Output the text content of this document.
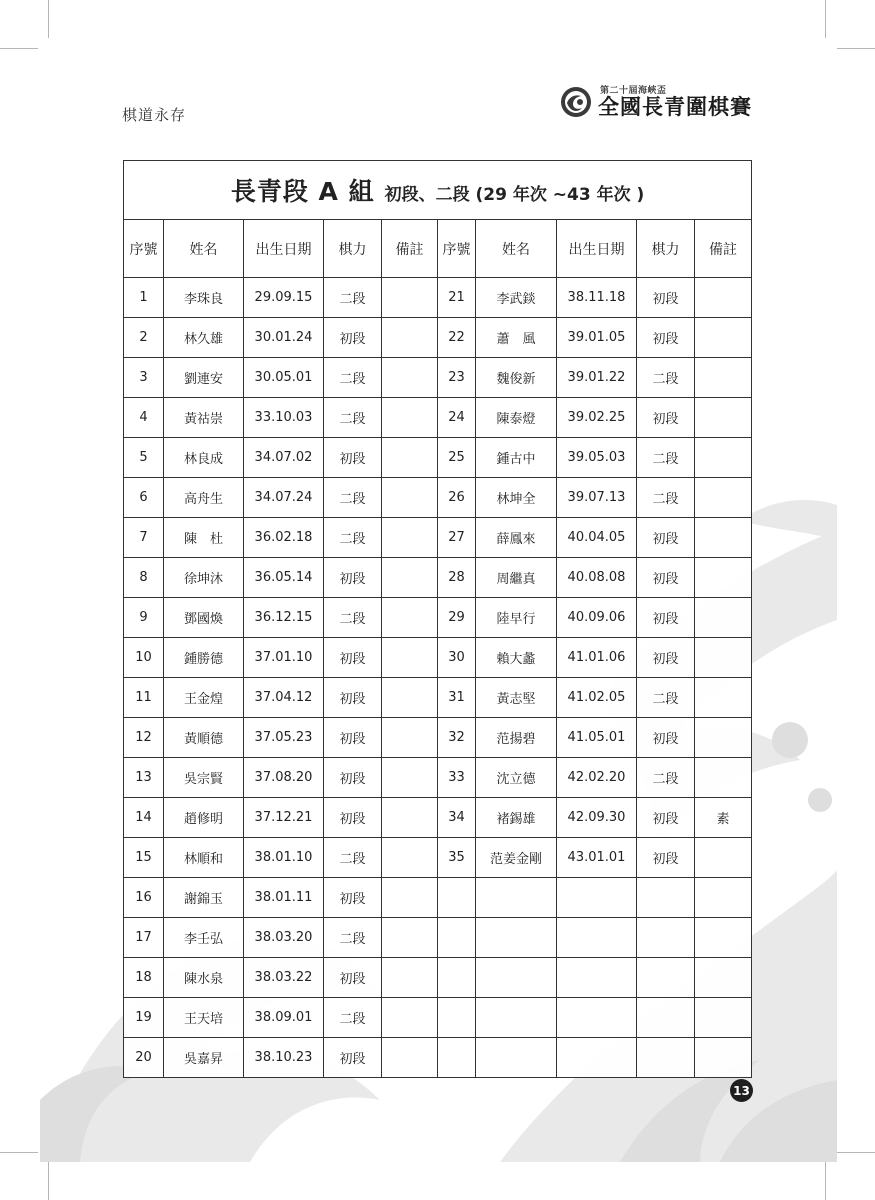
棋道永存
第二十屆海峽盃
全國長青圍棋賽
長青段 A 組 初段、二段 (29 年次 ~43 年次 )									
序號	姓名	出生日期	棋力	備註	序號	姓名	出生日期	棋力	備註
1	李珠良	29.09.15	二段		21	李武錟	38.11.18	初段	
2	林久雄	30.01.24	初段		22	蕭　風	39.01.05	初段	
3	劉連安	30.05.01	二段		23	魏俊新	39.01.22	二段	
4	黃祜崇	33.10.03	二段		24	陳泰燈	39.02.25	初段	
5	林良成	34.07.02	初段		25	鍾古中	39.05.03	二段	
6	高舟生	34.07.24	二段		26	林坤全	39.07.13	二段	
7	陳　杜	36.02.18	二段		27	薛鳳來	40.04.05	初段	
8	徐坤沐	36.05.14	初段		28	周繼真	40.08.08	初段	
9	鄧國煥	36.12.15	二段		29	陸早行	40.09.06	初段	
10	鍾勝德	37.01.10	初段		30	賴大蠡	41.01.06	初段	
11	王金煌	37.04.12	初段		31	黃志堅	41.02.05	二段	
12	黃順德	37.05.23	初段		32	范揚碧	41.05.01	初段	
13	吳宗賢	37.08.20	初段		33	沈立德	42.02.20	二段	
14	趙修明	37.12.21	初段		34	褚錫雄	42.09.30	初段	素
15	林順和	38.01.10	二段		35	范姜金剛	43.01.01	初段	
16	謝錦玉	38.01.11	初段						
17	李壬弘	38.03.20	二段						
18	陳水泉	38.03.22	初段						
19	王天培	38.09.01	二段						
20	吳嘉昇	38.10.23	初段						
13
